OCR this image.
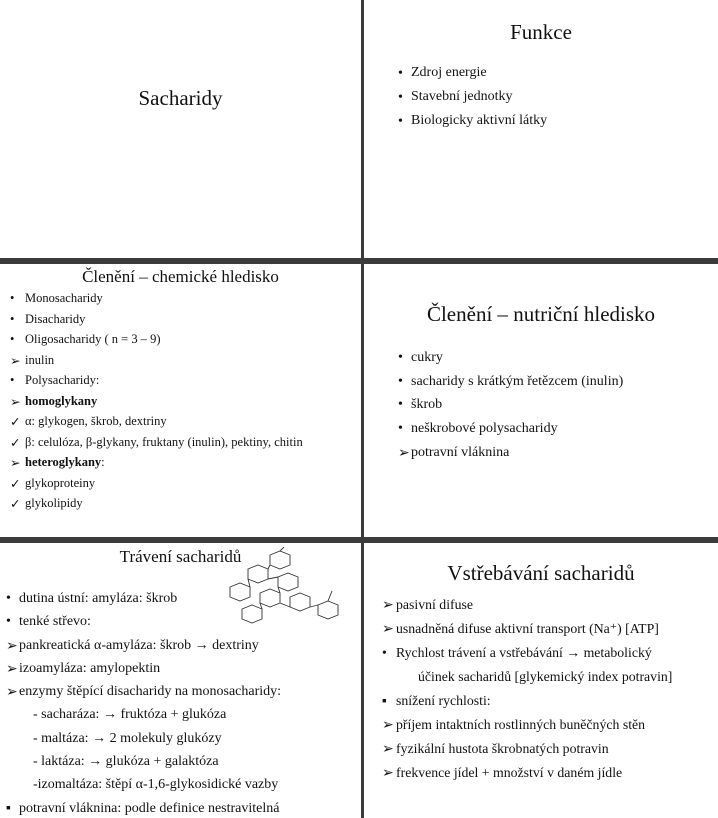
Sacharidy
Funkce
• Zdroj energie
• Stavební jednotky
• Biologicky aktivní látky
Členění – chemické hledisko
• Monosacharidy
• Disacharidy
• Oligosacharidy ( n = 3 – 9)
➢ inulin
• Polysacharidy:
➢ homoglykany
✓ α: glykogen, škrob, dextriny
✓ β: celulóza, β-glykany, fruktany (inulin), pektiny, chitin
➢ heteroglykany:
✓ glykoproteiny
✓ glykolipidy
Členění – nutriční hledisko
• cukry
• sacharidy s krátkým řetězcem (inulin)
• škrob
• neškrobové polysacharidy
➢ potravní vláknina
Trávení sacharidů
• dutina ústní: amyláza: škrob
• tenké střevo:
➢ pankreatická α-amyláza: škrob → dextriny
➢ izoamyláza: amylopektin
➢ enzymy štěpící disacharidy na monosacharidy:
- sacharáza: → fruktóza + glukóza
- maltáza: → 2 molekuly glukózy
- laktáza: → glukóza + galaktóza
-izomaltáza: štěpí α-1,6-glykosidické vazby
▪ potravní vláknina: podle definice nestravitelná
Vstřebávání sacharidů
➢ pasivní difuse
➢ usnadněná difuse aktivní transport (Na⁺) [ATP]
• Rychlost trávení a vstřebávání → metabolický
účinek sacharidů [glykemický index potravin]
▪ snížení rychlosti:
➢ příjem intaktních rostlinných buněčných stěn
➢ fyzikální hustota škrobnatých potravin
➢ frekvence jídel + množství v daném jídle
